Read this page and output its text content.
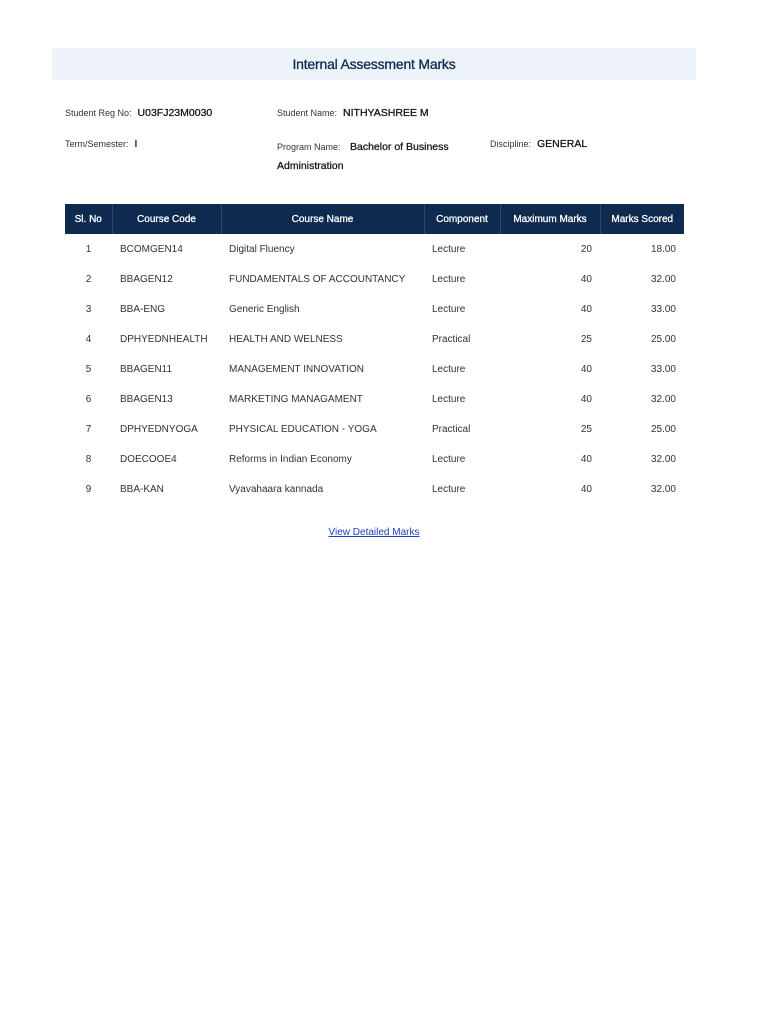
Internal Assessment Marks
Student Reg No: U03FJ23M0030	Student Name: NITHYASHREE M
Term/Semester: I	Program Name: Bachelor of Business Administration
Discipline: GENERAL
Sl. No	Course Code	Course Name	Component	Maximum Marks	Marks Scored
1	BCOMGEN14	Digital Fluency	Lecture	20	18.00
2	BBAGEN12	FUNDAMENTALS OF ACCOUNTANCY	Lecture	40	32.00
3	BBA-ENG	Generic English	Lecture	40	33.00
4	DPHYEDNHEALTH	HEALTH AND WELNESS	Practical	25	25.00
5	BBAGEN11	MANAGEMENT INNOVATION	Lecture	40	33.00
6	BBAGEN13	MARKETING MANAGAMENT	Lecture	40	32.00
7	DPHYEDNYOGA	PHYSICAL EDUCATION - YOGA	Practical	25	25.00
8	DOECOOE4	Reforms in Indian Economy	Lecture	40	32.00
9	BBA-KAN	Vyavahaara kannada	Lecture	40	32.00
View Detailed Marks
